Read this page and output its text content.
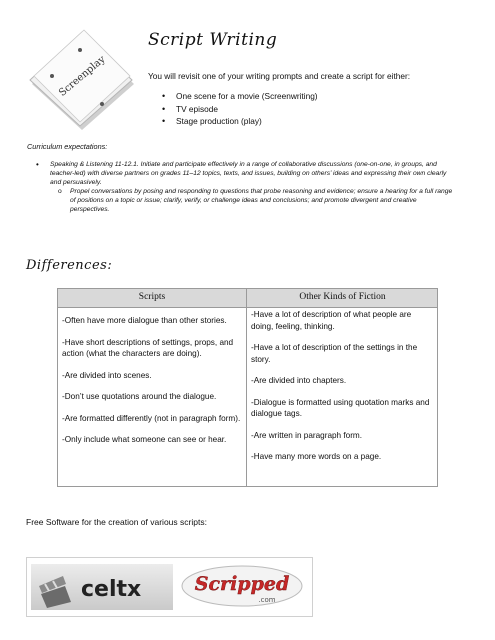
Screenplay
Script Writing
You will revisit one of your writing prompts and create a script for either:
• One scene for a movie (Screenwriting)
• TV episode
• Stage production (play)
Curriculum expectations:
• Speaking & Listening 11-12.1. Initiate and participate effectively in a range of collaborative discussions (one-on-one, in groups, and teacher-led) with diverse partners on grades 11–12 topics, texts, and issues, building on others’ ideas and expressing their own clearly and persuasively.
o Propel conversations by posing and responding to questions that probe reasoning and evidence; ensure a hearing for a full range of positions on a topic or issue; clarify, verify, or challenge ideas and conclusions; and promote divergent and creative perspectives.
Differences:
Scripts	Other Kinds of Fiction

-Often have more dialogue than other stories.

-Have short descriptions of settings, props, and action (what the characters are doing).

-Are divided into scenes.

-Don’t use quotations around the dialogue.

-Are formatted differently (not in paragraph form).

-Only include what someone can see or hear.

-Have a lot of description of what people are doing, feeling, thinking.

-Have a lot of description of the settings in the story.

-Are divided into chapters.

-Dialogue is formatted using quotation marks and dialogue tags.

-Are written in paragraph form.

-Have many more words on a page.

Free Software for the creation of various scripts:
celtx	Scripped
.com
